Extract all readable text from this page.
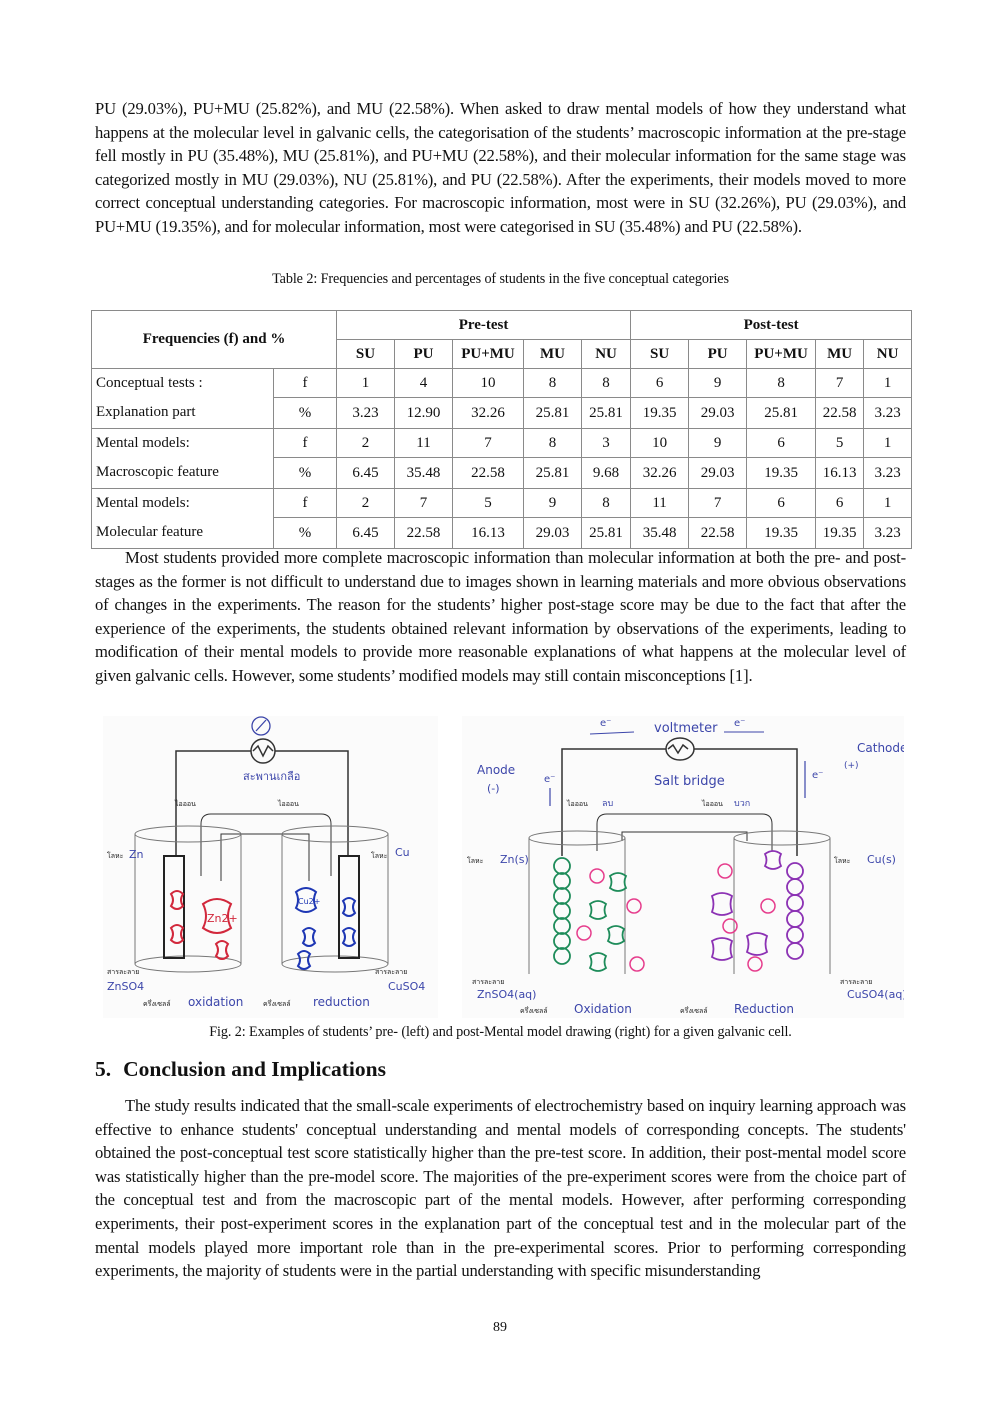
PU (29.03%), PU+MU (25.82%), and MU (22.58%). When asked to draw mental models of how they understand what happens at the molecular level in galvanic cells, the categorisation of the students’ macroscopic information at the pre-stage fell mostly in PU (35.48%), MU (25.81%), and PU+MU (22.58%), and their molecular information for the same stage was categorized mostly in MU (29.03%), NU (25.81%), and PU (22.58%). After the experiments, their models moved to more correct conceptual understanding categories. For macroscopic information, most were in SU (32.26%), PU (29.03%), and PU+MU (19.35%), and for molecular information, most were categorised in SU (35.48%) and PU (22.58%).
Table 2: Frequencies and percentages of students in the five conceptual categories
Frequencies (f) and %		Pre-test					Post-test				
		SU	PU	PU+MU	MU	NU	SU	PU	PU+MU	MU	NU
Conceptual tests :	f	1	4	10	8	8	6	9	8	7	1
Explanation part	%	3.23	12.90	32.26	25.81	25.81	19.35	29.03	25.81	22.58	3.23
Mental models:	f	2	11	7	8	3	10	9	6	5	1
Macroscopic feature	%	6.45	35.48	22.58	25.81	9.68	32.26	29.03	19.35	16.13	3.23
Mental models:	f	2	7	5	9	8	11	7	6	6	1
Molecular feature	%	6.45	22.58	16.13	29.03	25.81	35.48	22.58	19.35	19.35	3.23
Most students provided more complete macroscopic information than molecular information at both the pre- and post-stages as the former is not difficult to understand due to images shown in learning materials and more obvious observations of changes in the experiments. The reason for the students’ higher post-stage score may be due to the fact that after the experience of the experiments, the students obtained relevant information by observations of the experiments, leading to modification of their mental models to provide more reasonable explanations of what happens at the molecular level of given galvanic cells. However, some students’ modified models may still contain misconceptions [1].
Zn2+
Cu2+
สะพานเกลือ
ไอออน	ไอออน
โลหะ Zn	โลหะ Cu
สารละลาย
ZnSO4
สารละลาย
CuSO4
ครึ่งเซลล์ oxidation	ครึ่งเซลล์ reduction
e⁻	voltmeter e⁻
Cathode
(+)
Anode
(-)
e⁻	e⁻
Salt bridge
ลบ	บวก
Zn(s)	Cu(s)
ZnSO4(aq)	CuSO4(aq)
Oxidation	Reduction
ไอออน	ไอออน
โลหะ	โลหะ
สารละลาย	สารละลาย
ครึ่งเซลล์	ครึ่งเซลล์
Fig. 2: Examples of students’ pre- (left) and post-Mental model drawing (right) for a given galvanic cell.
5. Conclusion and Implications
The study results indicated that the small-scale experiments of electrochemistry based on inquiry learning approach was effective to enhance students' conceptual understanding and mental models of corresponding concepts. The students' obtained the post-conceptual test score statistically higher than the pre-test score. In addition, their post-mental model score was statistically higher than the pre-model score. The majorities of the pre-experiment scores were from the choice part of the conceptual test and from the macroscopic part of the mental models. However, after performing corresponding experiments, their post-experiment scores in the explanation part of the conceptual test and in the molecular part of the mental models played more important role than in the pre-experimental scores. Prior to performing corresponding experiments, the majority of students were in the partial understanding with specific misunderstanding
89
